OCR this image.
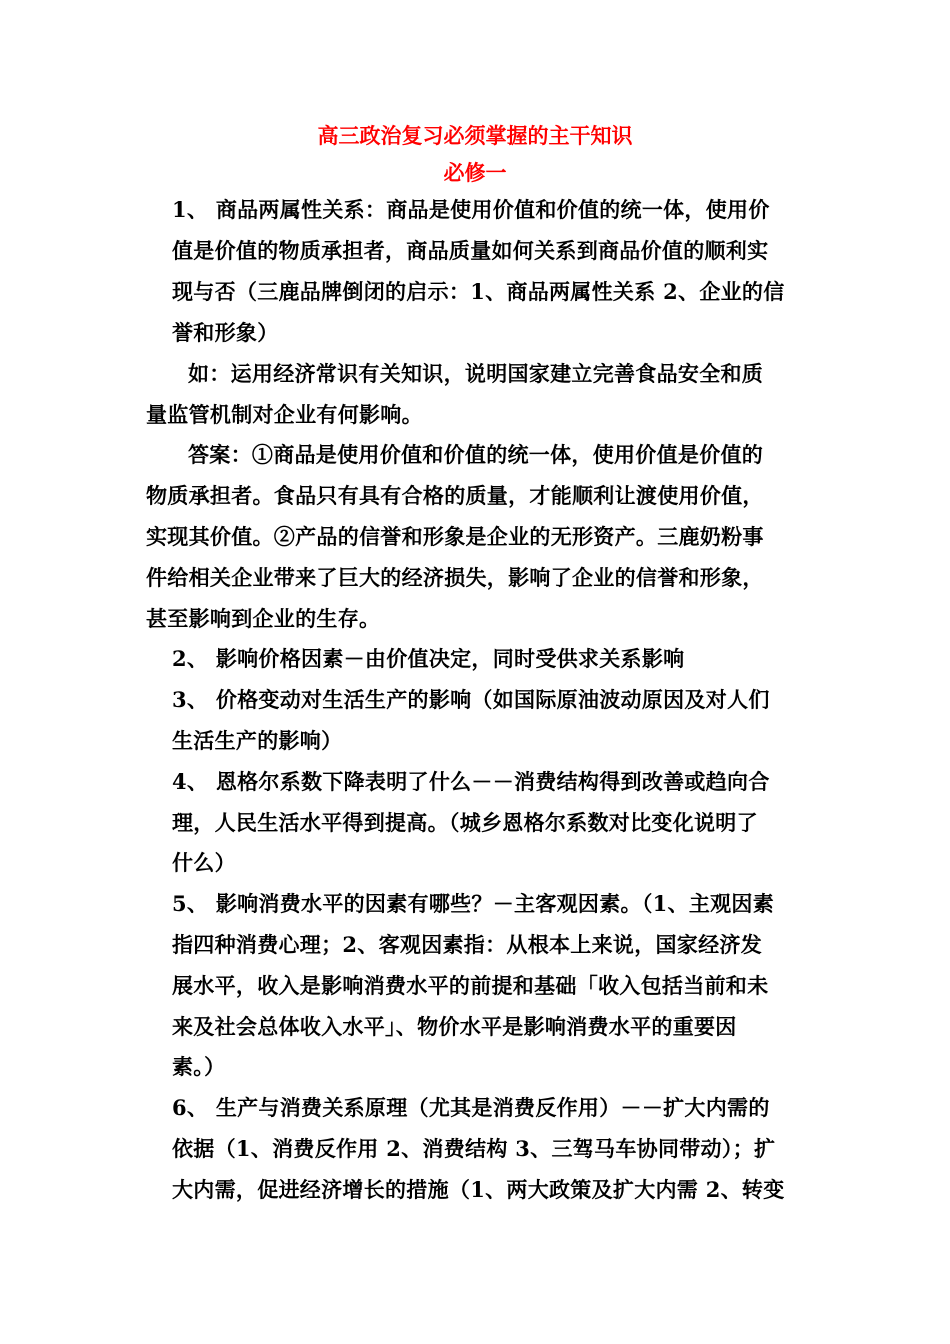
高三政治复习必须掌握的主干知识
必修一
1、 商品两属性关系：商品是使用价值和价值的统一体，使用价
值是价值的物质承担者，商品质量如何关系到商品价值的顺利实
现与否（三鹿品牌倒闭的启示：1、商品两属性关系 2、企业的信
誉和形象）
如：运用经济常识有关知识，说明国家建立完善食品安全和质
量监管机制对企业有何影响。
答案：①商品是使用价值和价值的统一体，使用价值是价值的
物质承担者。食品只有具有合格的质量，才能顺利让渡使用价值，
实现其价值。②产品的信誉和形象是企业的无形资产。三鹿奶粉事
件给相关企业带来了巨大的经济损失，影响了企业的信誉和形象，
甚至影响到企业的生存。
2、 影响价格因素－由价值决定，同时受供求关系影响
3、 价格变动对生活生产的影响（如国际原油波动原因及对人们
生活生产的影响）
4、 恩格尔系数下降表明了什么－－消费结构得到改善或趋向合
理，人民生活水平得到提高。（城乡恩格尔系数对比变化说明了
什么）
5、 影响消费水平的因素有哪些？－主客观因素。（1、主观因素
指四种消费心理；2、客观因素指：从根本上来说，国家经济发
展水平，收入是影响消费水平的前提和基础「收入包括当前和未
来及社会总体收入水平」、物价水平是影响消费水平的重要因
素。）
6、 生产与消费关系原理（尤其是消费反作用）－－扩大内需的
依据（1、消费反作用 2、消费结构 3、三驾马车协同带动）；扩
大内需，促进经济增长的措施（1、两大政策及扩大内需 2、转变
